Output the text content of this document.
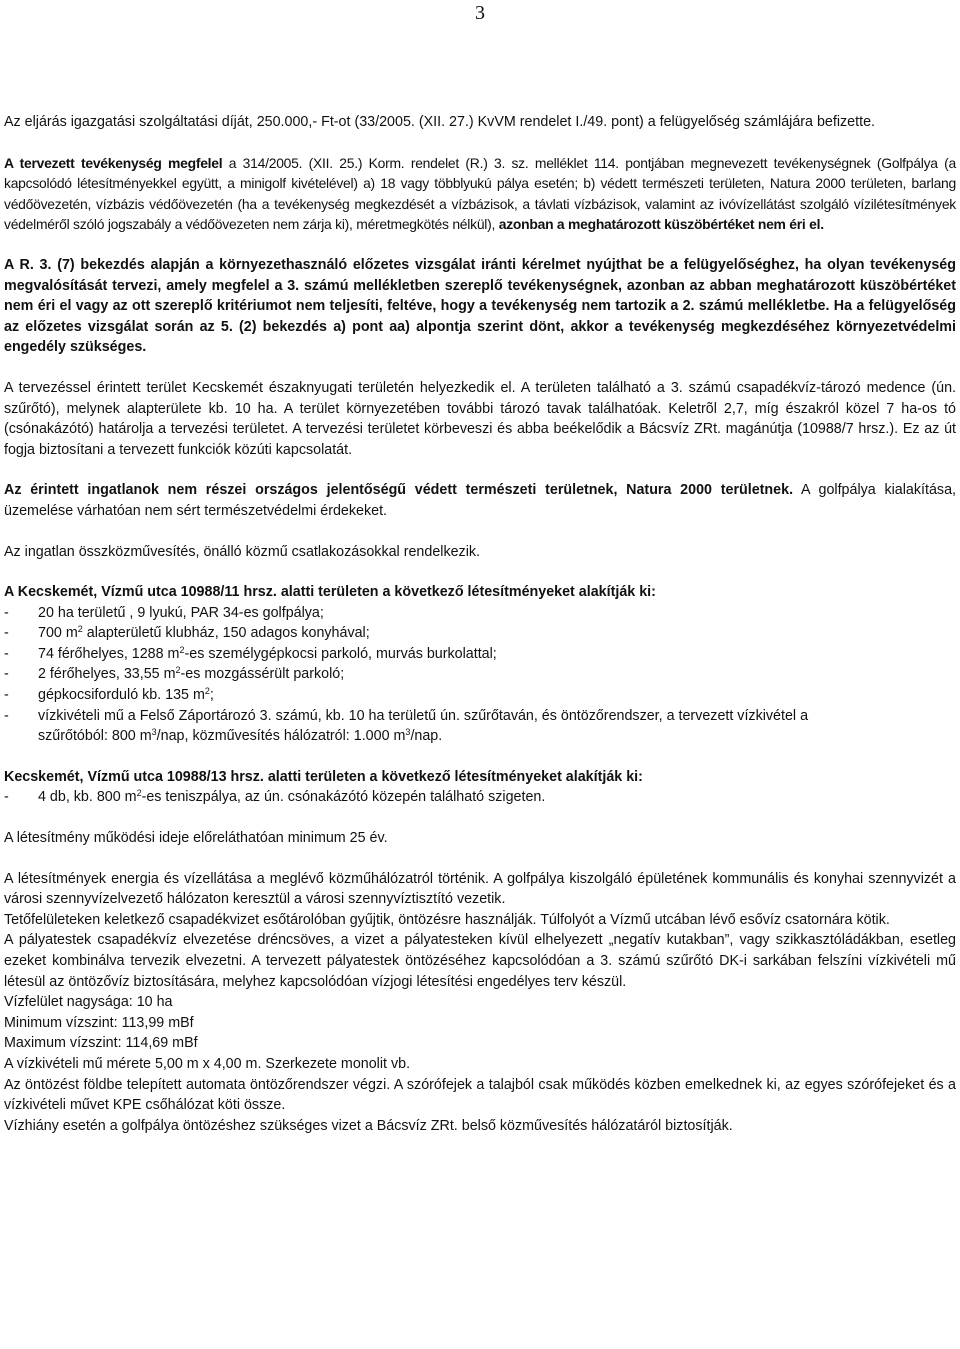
3

Az eljárás igazgatási szolgáltatási díját, 250.000,- Ft-ot (33/2005. (XII. 27.) KvVM rendelet I./49. pont) a felügyelőség számlájára befizette.

A tervezett tevékenység megfelel a 314/2005. (XII. 25.) Korm. rendelet (R.) 3. sz. melléklet 114. pontjában megnevezett tevékenységnek (Golfpálya (a kapcsolódó létesítményekkel együtt, a minigolf kivételével) a) 18 vagy többlyukú pálya esetén; b) védett természeti területen, Natura 2000 területen, barlang védőövezetén, vízbázis védőövezetén (ha a tevékenység megkezdését a vízbázisok, a távlati vízbázisok, valamint az ivóvízellátást szolgáló vízilétesítmények védelméről szóló jogszabály a védőövezeten nem zárja ki), méretmegkötés nélkül), azonban a meghatározott küszöbértéket nem éri el.

A R. 3. (7) bekezdés alapján a környezethasználó előzetes vizsgálat iránti kérelmet nyújthat be a felügyelőséghez, ha olyan tevékenység megvalósítását tervezi, amely megfelel a 3. számú mellékletben szereplő tevékenységnek, azonban az abban meghatározott küszöbértéket nem éri el vagy az ott szereplő kritériumot nem teljesíti, feltéve, hogy a tevékenység nem tartozik a 2. számú mellékletbe. Ha a felügyelőség az előzetes vizsgálat során az 5. (2) bekezdés a) pont aa) alpontja szerint dönt, akkor a tevékenység megkezdéséhez környezetvédelmi engedély szükséges.

A tervezéssel érintett terület Kecskemét északnyugati területén helyezkedik el. A területen található a 3. számú csapadékvíz-tározó medence (ún. szűrőtó), melynek alapterülete kb. 10 ha. A terület környezetében további tározó tavak találhatóak. Keletrõl 2,7, míg északról közel 7 ha-os tó (csónakázótó) határolja a tervezési területet. A tervezési területet körbeveszi és abba beékelődik a Bácsvíz ZRt. magánútja (10988/7 hrsz.). Ez az út fogja biztosítani a tervezett funkciók közúti kapcsolatát.

Az érintett ingatlanok nem részei országos jelentőségű védett természeti területnek, Natura 2000 területnek. A golfpálya kialakítása, üzemelése várhatóan nem sért természetvédelmi érdekeket.

Az ingatlan összközművesítés, önálló közmű csatlakozásokkal rendelkezik.

A Kecskemét, Vízmű utca 10988/11 hrsz. alatti területen a következő létesítményeket alakítják ki:

-	20 ha területű , 9 lyukú, PAR 34-es golfpálya;
-	700 $m^2$ alapterületű klubház, 150 adagos konyhával;
-	74 férőhelyes, 1288 $m^2-es$ személygépkocsi parkoló, murvás burkolattal;
-	2 férőhelyes, 33,55 $m^2-es$ mozgássérült parkoló;
-	gépkocsiforduló kb. 135 $m^2$;
-	vízkivételi mű a Felső Záportározó 3. számú, kb. 10 ha területű ún. szűrőtaván, és öntözőrendszer, a tervezett vízkivétel a

szűrőtóból: 800 $m^3$/nap, közművesítés hálózatról: 1.000 $m^3$/nap.

Kecskemét, Vízmű utca 10988/13 hrsz. alatti területen a következő létesítményeket alakítják ki:

-	4 db, kb. 800 $m^2-es$ teniszpálya, az ún. csónakázótó közepén található szigeten.

A létesítmény működési ideje előreláthatóan minimum 25 év.

A létesítmények energia és vízellátása a meglévő közműhálózatról történik. A golfpálya kiszolgáló épületének kommunális és konyhai szennyvizét a városi szennyvízelvezető hálózaton keresztül a városi szennyvíztisztító vezetik.

Tetőfelületeken keletkező csapadékvizet esőtárolóban gyűjtik, öntözésre használják. Túlfolyót a Vízmű utcában lévő esővíz csatornára kötik.

A pályatestek csapadékvíz elvezetése dréncsöves, a vizet a pályatesteken kívül elhelyezett „negatív kutakban”, vagy szikkasztóládákban, esetleg ezeket kombinálva tervezik elvezetni. A tervezett pályatestek öntözéséhez kapcsolódóan a 3. számú szűrőtó DK-i sarkában felszíni vízkivételi mű létesül az öntözővíz biztosítására, melyhez kapcsolódóan vízjogi létesítési engedélyes terv készül.

Vízfelület nagysága: 10 ha

Minimum vízszint: 113,99 mBf

Maximum vízszint: 114,69 mBf

A vízkivételi mű mérete 5,00 m x 4,00 m. Szerkezete monolit vb.

Az öntözést földbe telepített automata öntözőrendszer végzi. A szórófejek a talajból csak működés közben emelkednek ki, az egyes szórófejeket és a vízkivételi művet KPE csőhálózat köti össze.

Vízhiány esetén a golfpálya öntözéshez szükséges vizet a Bácsvíz ZRt. belső közművesítés hálózatáról biztosítják.
